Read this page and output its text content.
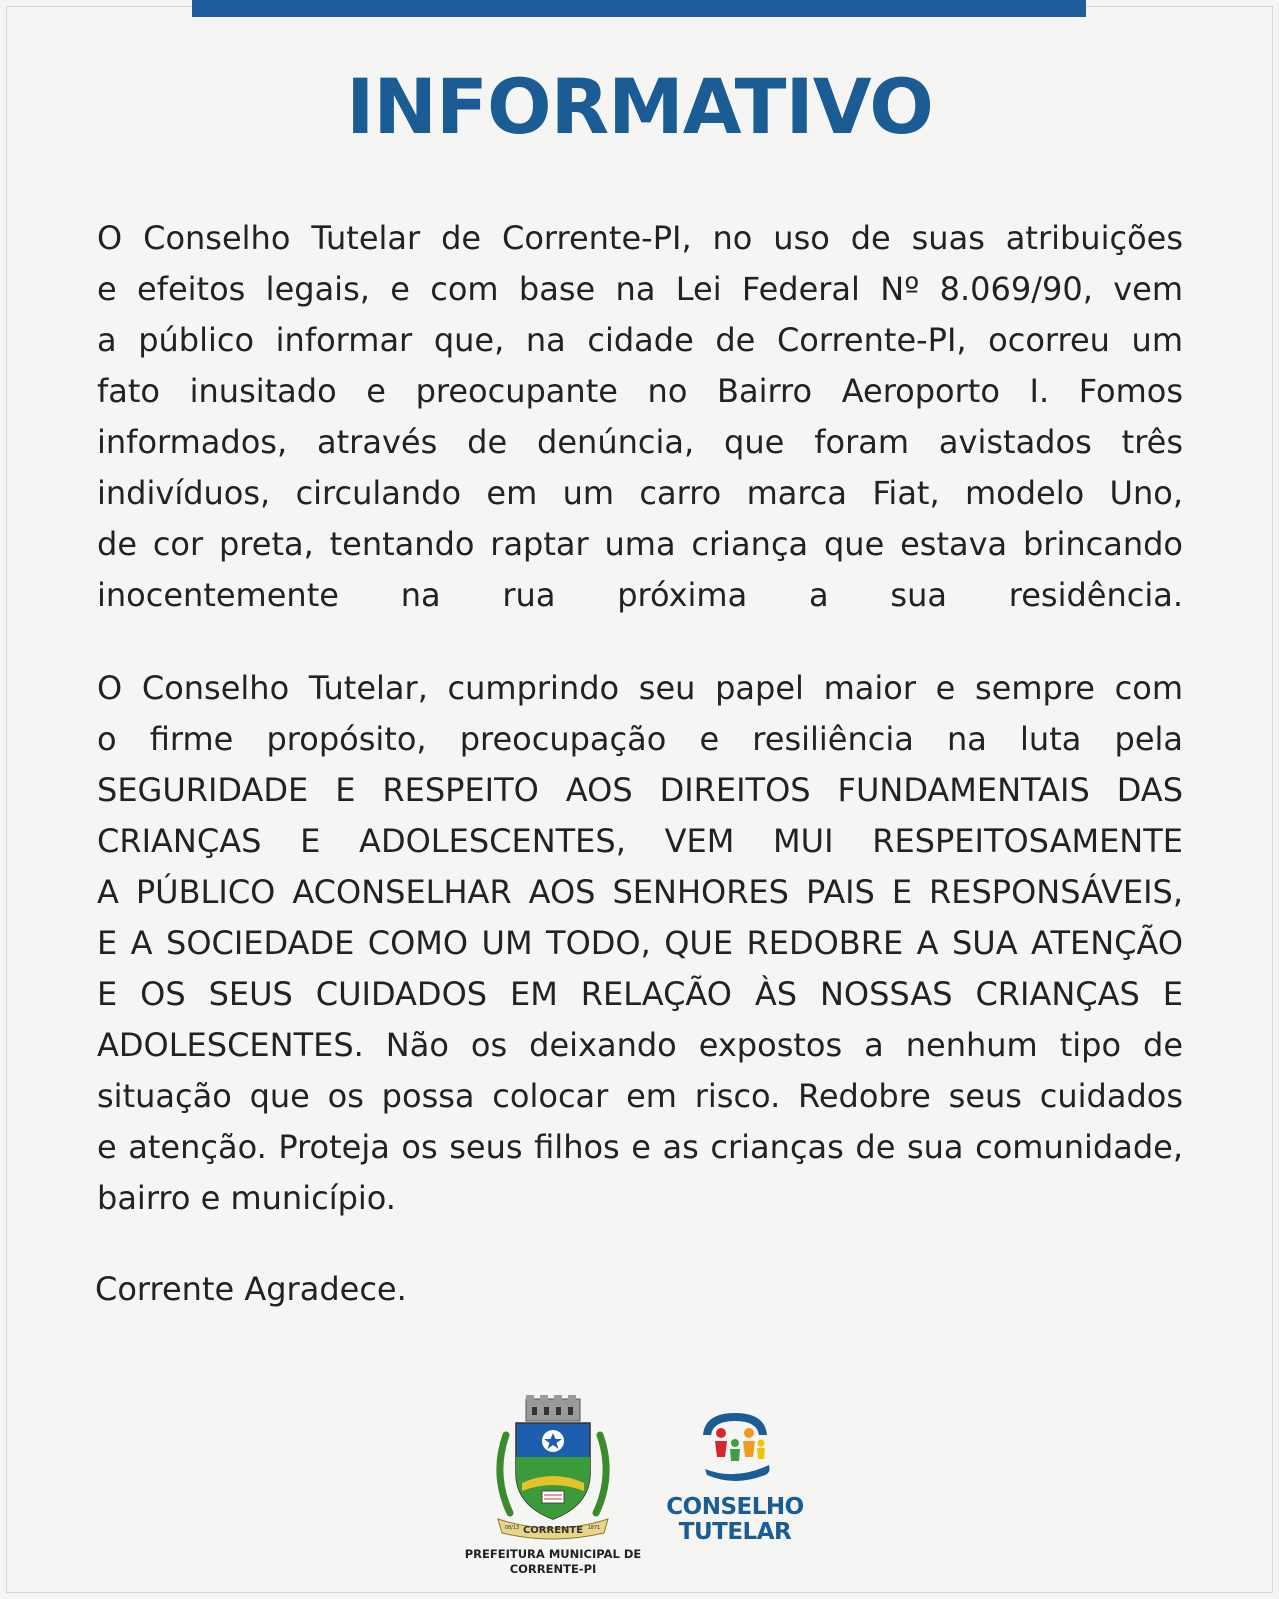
INFORMATIVO

O Conselho Tutelar de Corrente-PI, no uso de suas atribuições
e efeitos legais, e com base na Lei Federal Nº 8.069/90, vem
a público informar que, na cidade de Corrente-PI, ocorreu um
fato inusitado e preocupante no Bairro Aeroporto I. Fomos
informados, através de denúncia, que foram avistados três
indivíduos, circulando em um carro marca Fiat, modelo Uno,
de cor preta, tentando raptar uma criança que estava brincando
inocentemente na rua próxima a sua residência.

O Conselho Tutelar, cumprindo seu papel maior e sempre com
o firme propósito, preocupação e resiliência na luta pela
SEGURIDADE E RESPEITO AOS DIREITOS FUNDAMENTAIS DAS
CRIANÇAS E ADOLESCENTES, VEM MUI RESPEITOSAMENTE
A PÚBLICO ACONSELHAR AOS SENHORES PAIS E RESPONSÁVEIS,
E A SOCIEDADE COMO UM TODO, QUE REDOBRE A SUA ATENÇÃO
E OS SEUS CUIDADOS EM RELAÇÃO ÀS NOSSAS CRIANÇAS E
ADOLESCENTES. Não os deixando expostos a nenhum tipo de
situação que os possa colocar em risco. Redobre seus cuidados
e atenção. Proteja os seus filhos e as crianças de sua comunidade,
bairro e município.

Corrente Agradece.
CORRENTE
08/13	1871
PREFEITURA MUNICIPAL DE
CORRENTE-PI
CONSELHO
TUTELAR
